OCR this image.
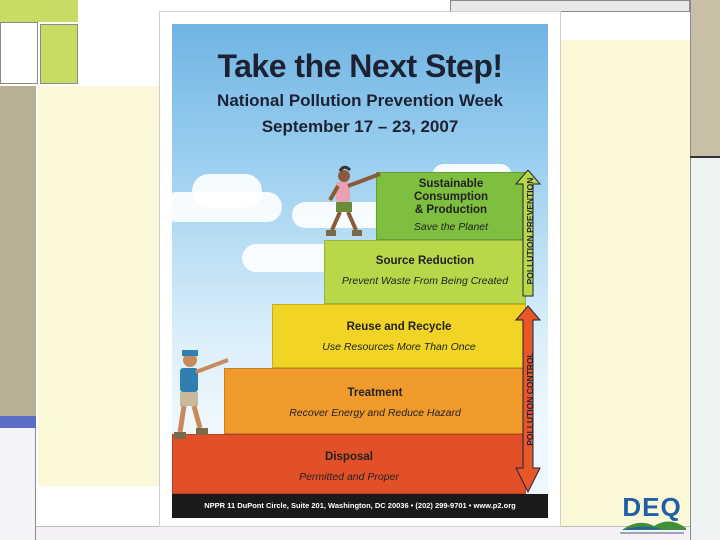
Take the Next Step!
National Pollution Prevention Week
September 17 – 23, 2007
Sustainable
Consumption
& Production
Save the Planet
Source Reduction
Prevent Waste From Being Created
Reuse and Recycle
Use Resources More Than Once
Treatment
Recover Energy and Reduce Hazard
Disposal
Permitted and Proper
POLLUTION PREVENTION
POLLUTION CONTROL
NPPR 11 DuPont Circle, Suite 201, Washington, DC 20036 • (202) 299-9701 • www.p2.org	DEQ
